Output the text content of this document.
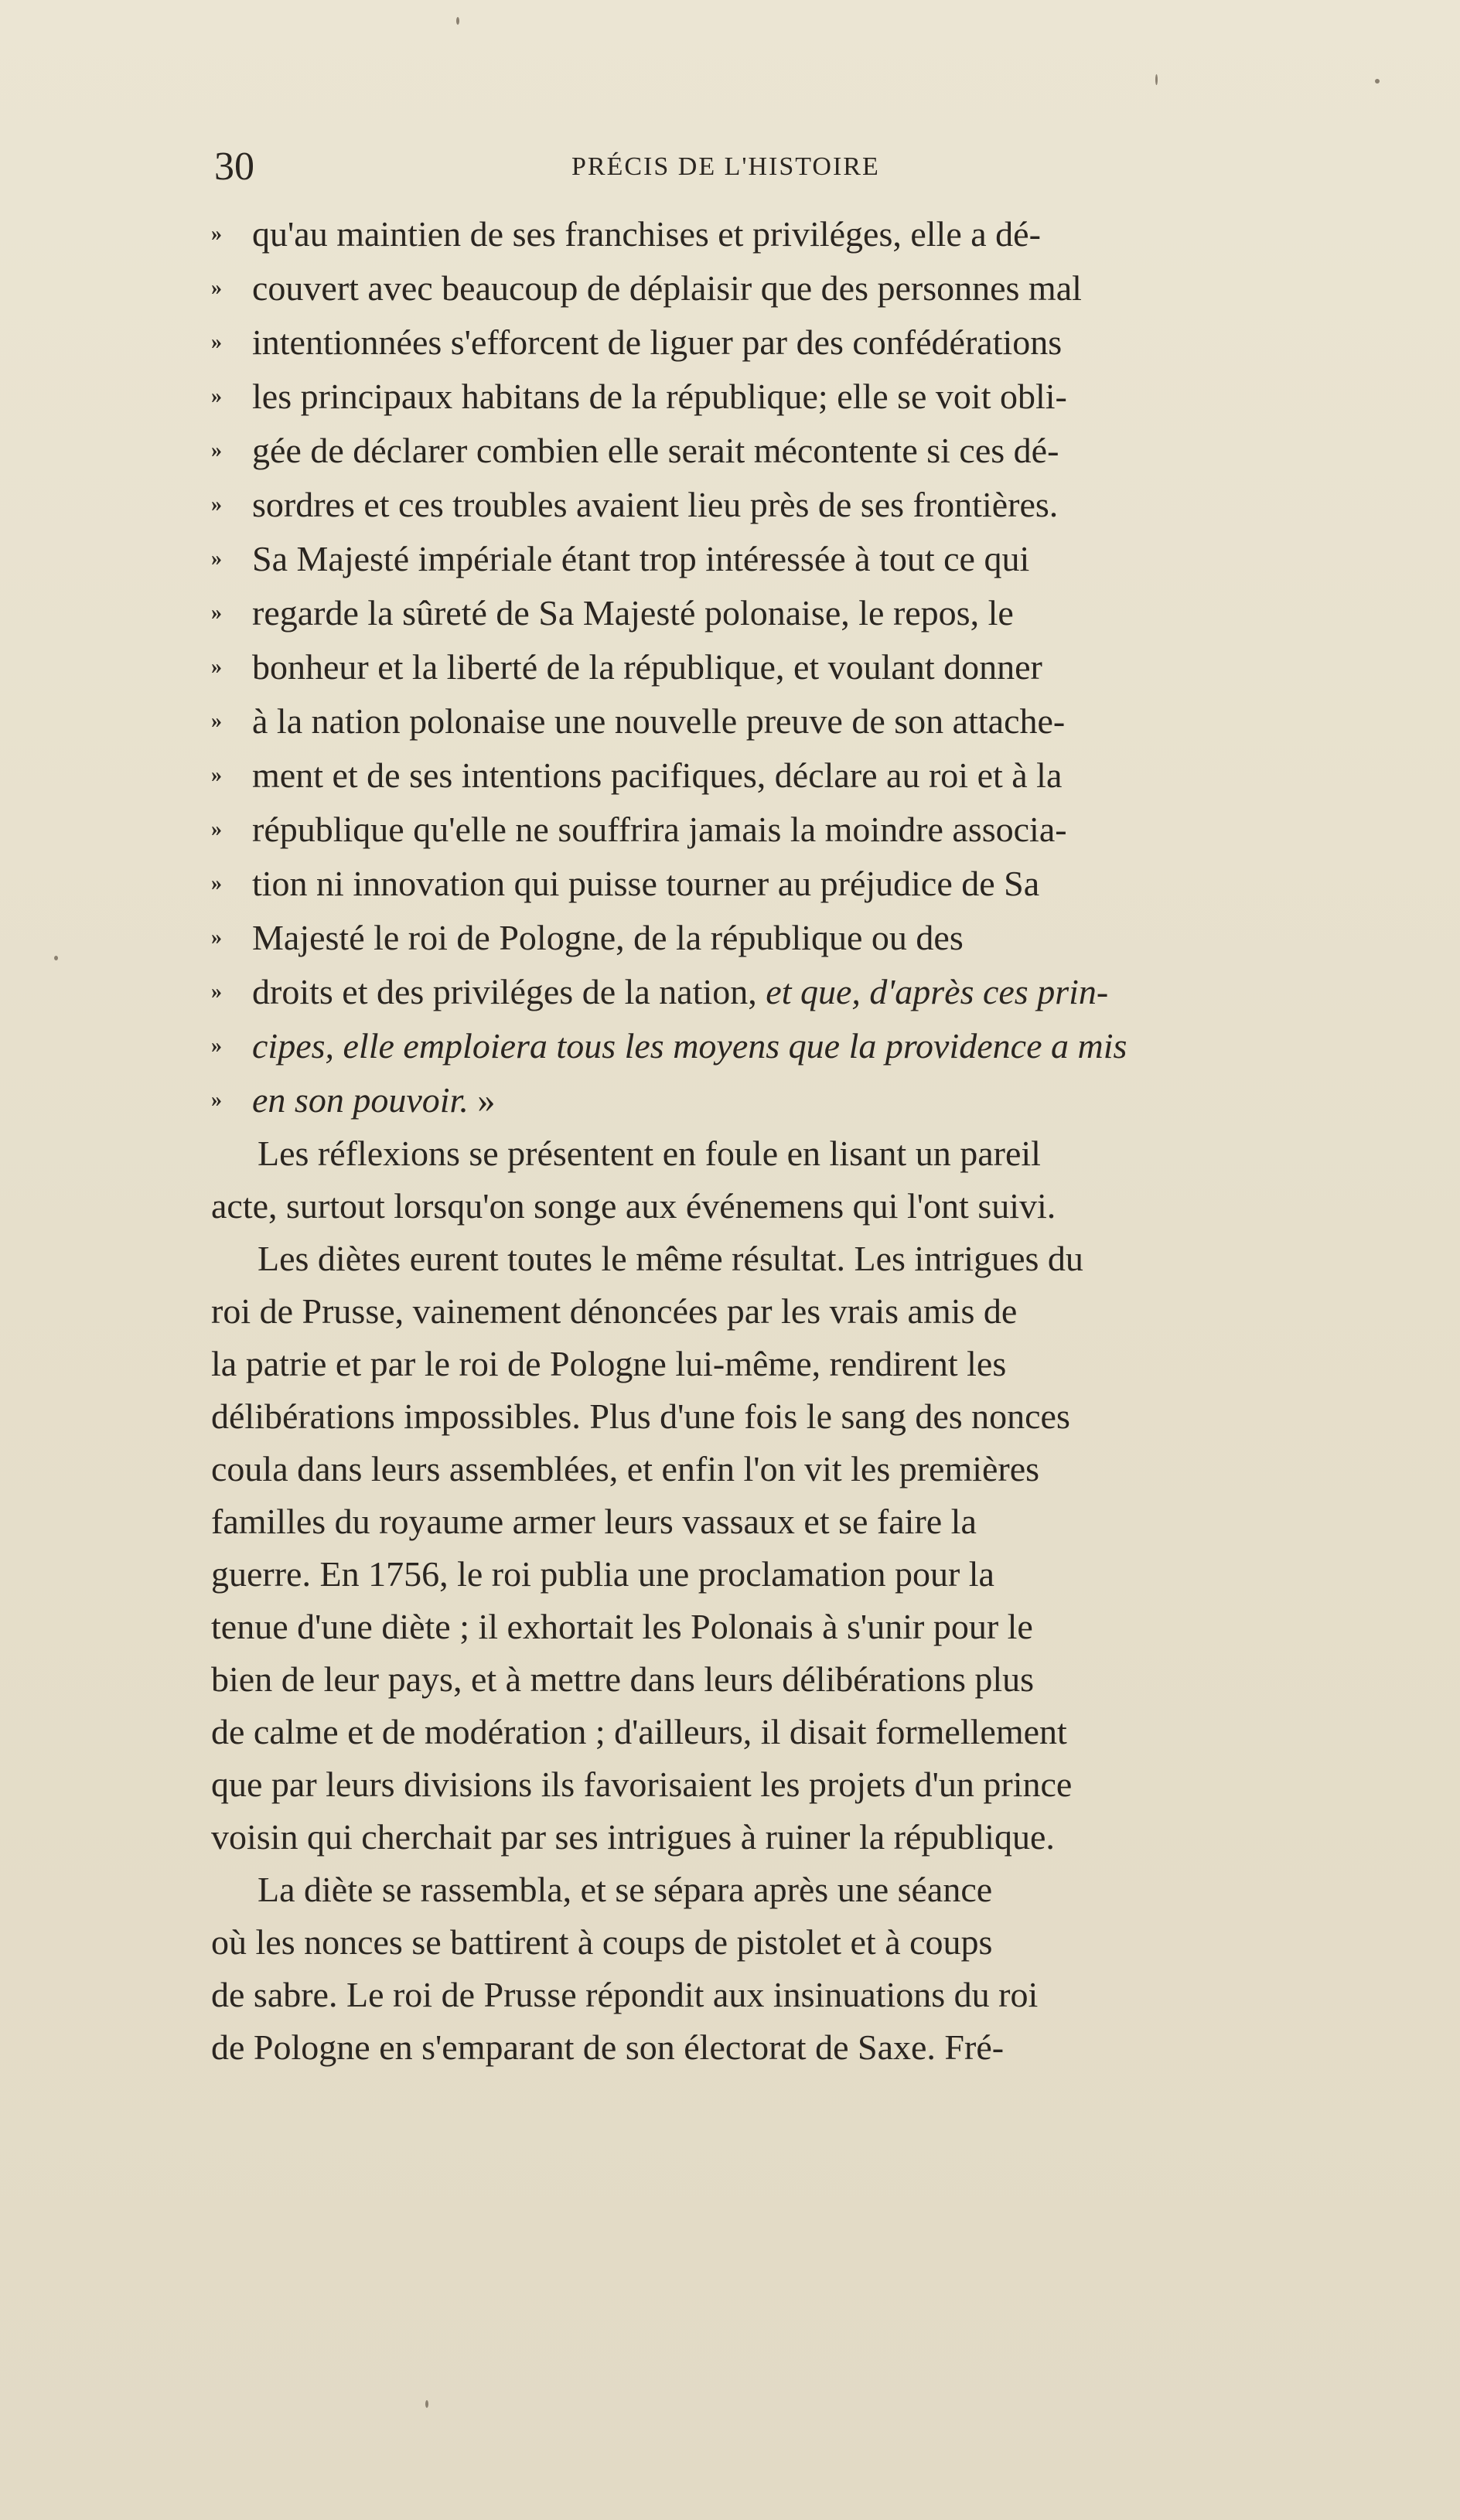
30	PRÉCIS DE L'HISTOIRE
» qu'au maintien de ses franchises et priviléges, elle a dé-
» couvert avec beaucoup de déplaisir que des personnes mal
» intentionnées s'efforcent de liguer par des confédérations
» les principaux habitans de la république; elle se voit obli-
» gée de déclarer combien elle serait mécontente si ces dé-
» sordres et ces troubles avaient lieu près de ses frontières.
» Sa Majesté impériale étant trop intéressée à tout ce qui
» regarde la sûreté de Sa Majesté polonaise, le repos, le
» bonheur et la liberté de la république, et voulant donner
» à la nation polonaise une nouvelle preuve de son attache-
» ment et de ses intentions pacifiques, déclare au roi et à la
» république qu'elle ne souffrira jamais la moindre associa-
» tion ni innovation qui puisse tourner au préjudice de Sa
» Majesté le roi de Pologne, de la république ou des
» droits et des priviléges de la nation, et que, d'après ces prin-
» cipes, elle emploiera tous les moyens que la providence a mis
» en son pouvoir. »
Les réflexions se présentent en foule en lisant un pareil
acte, surtout lorsqu'on songe aux événemens qui l'ont suivi.
Les diètes eurent toutes le même résultat. Les intrigues du
roi de Prusse, vainement dénoncées par les vrais amis de
la patrie et par le roi de Pologne lui-même, rendirent les
délibérations impossibles. Plus d'une fois le sang des nonces
coula dans leurs assemblées, et enfin l'on vit les premières
familles du royaume armer leurs vassaux et se faire la
guerre. En 1756, le roi publia une proclamation pour la
tenue d'une diète ; il exhortait les Polonais à s'unir pour le
bien de leur pays, et à mettre dans leurs délibérations plus
de calme et de modération ; d'ailleurs, il disait formellement
que par leurs divisions ils favorisaient les projets d'un prince
voisin qui cherchait par ses intrigues à ruiner la république.
La diète se rassembla, et se sépara après une séance
où les nonces se battirent à coups de pistolet et à coups
de sabre. Le roi de Prusse répondit aux insinuations du roi
de Pologne en s'emparant de son électorat de Saxe. Fré-
